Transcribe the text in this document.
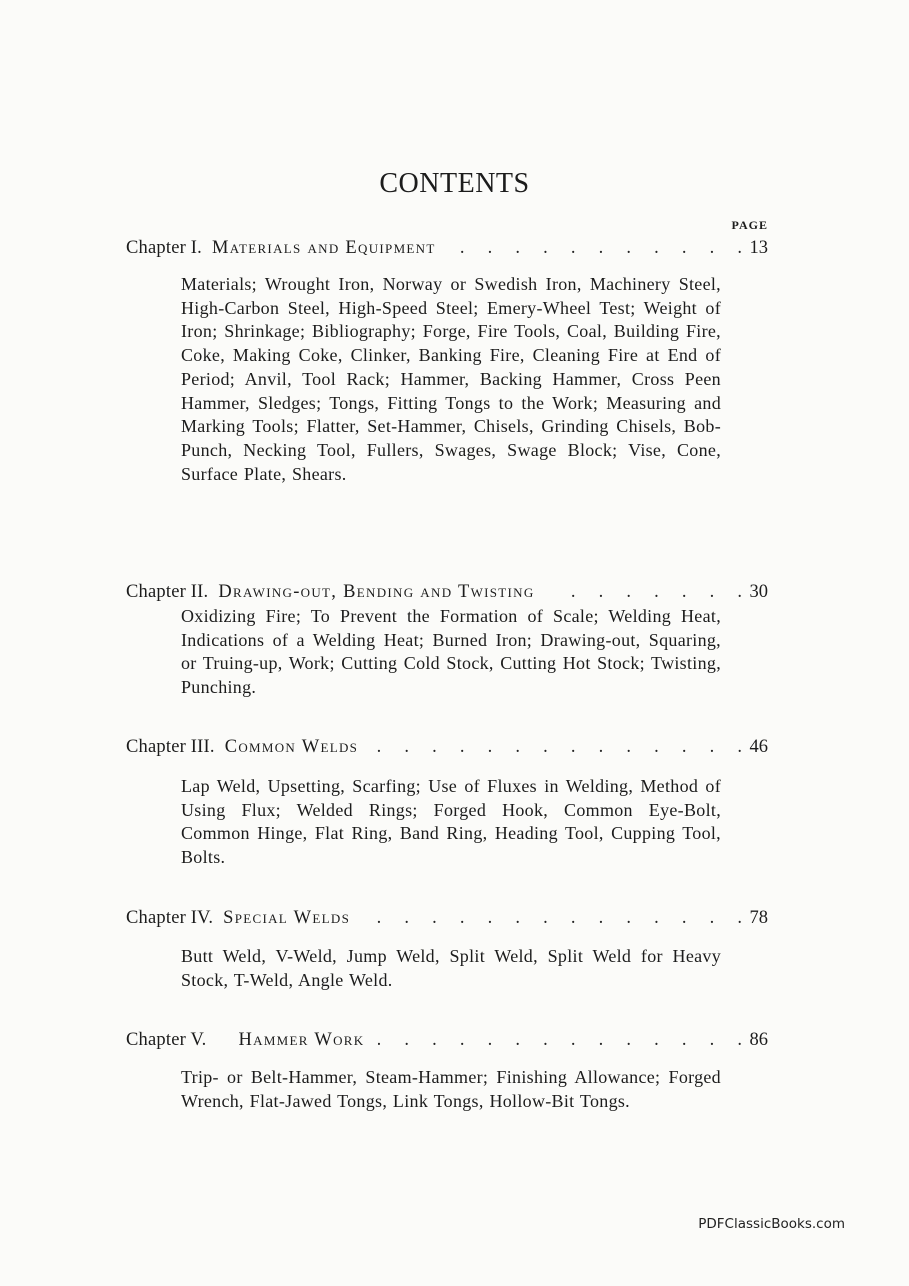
CONTENTS
PAGE
Chapter I. Materials and Equipment .	13
Materials; Wrought Iron, Norway or Swedish Iron, Machinery Steel, High-Carbon Steel, High-Speed Steel; Emery-Wheel Test; Weight of Iron; Shrinkage; Bibliography; Forge, Fire Tools, Coal, Building Fire, Coke, Making Coke, Clinker, Banking Fire, Cleaning Fire at End of Period; Anvil, Tool Rack; Hammer, Backing Hammer, Cross Peen Hammer, Sledges; Tongs, Fitting Tongs to the Work; Measuring and Marking Tools; Flatter, Set-Hammer, Chisels, Grinding Chisels, Bob-Punch, Necking Tool, Fullers, Swages, Swage Block; Vise, Cone, Surface Plate, Shears.
Chapter II. Drawing-out, Bending and Twisting .	30
Oxidizing Fire; To Prevent the Formation of Scale; Welding Heat, Indications of a Welding Heat; Burned Iron; Drawing-out, Squaring, or Truing-up, Work; Cutting Cold Stock, Cutting Hot Stock; Twisting, Punching.
Chapter III. Common Welds .	46
Lap Weld, Upsetting, Scarfing; Use of Fluxes in Welding, Method of Using Flux; Welded Rings; Forged Hook, Common Eye-Bolt, Common Hinge, Flat Ring, Band Ring, Heading Tool, Cupping Tool, Bolts.
Chapter IV. Special Welds .	78
Butt Weld, V-Weld, Jump Weld, Split Weld, Split Weld for Heavy Stock, T-Weld, Angle Weld.
Chapter V. Hammer Work .	86
Trip- or Belt-Hammer, Steam-Hammer; Finishing Allowance; Forged Wrench, Flat-Jawed Tongs, Link Tongs, Hollow-Bit Tongs.
PDFClassicBooks.com
